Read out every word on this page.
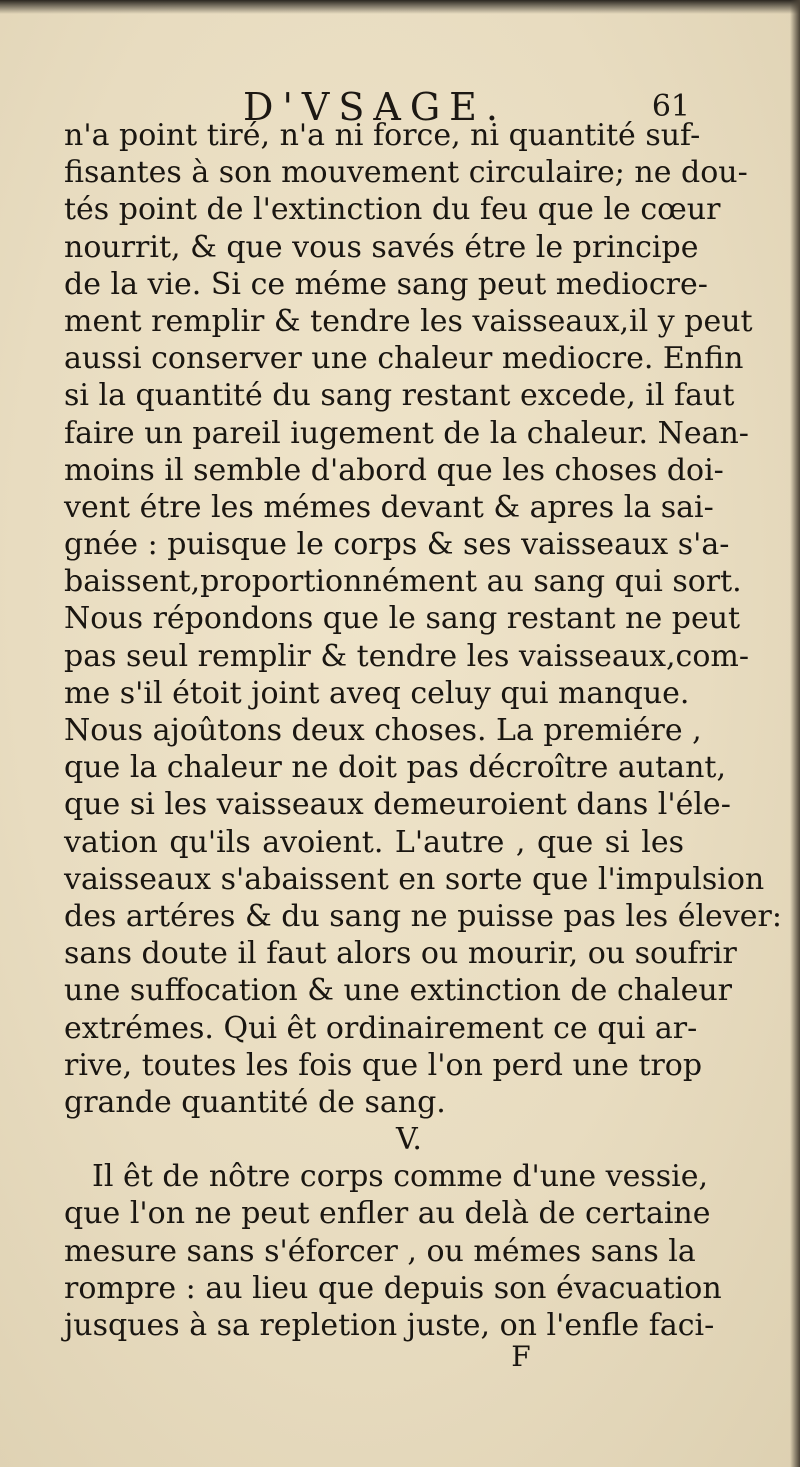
D'VSAGE.	61
n'a point tiré, n'a ni force, ni quantité suf-
fisantes à son mouvement circulaire; ne dou-
tés point de l'extinction du feu que le cœur
nourrit, & que vous savés étre le principe
de la vie. Si ce méme sang peut mediocre-
ment remplir & tendre les vaisseaux,il y peut
aussi conserver une chaleur mediocre. Enfin
si la quantité du sang restant excede, il faut
faire un pareil iugement de la chaleur. Nean-
moins il semble d'abord que les choses doi-
vent étre les mémes devant & apres la sai-
gnée : puisque le corps & ses vaisseaux s'a-
baissent,proportionnément au sang qui sort.
Nous répondons que le sang restant ne peut
pas seul remplir & tendre les vaisseaux,com-
me s'il étoit joint aveq celuy qui manque.
Nous ajoûtons deux choses. La premiére ,
que la chaleur ne doit pas décroître autant,
que si les vaisseaux demeuroient dans l'éle-
vation qu'ils avoient. L'autre , que si les
vaisseaux s'abaissent en sorte que l'impulsion
des artéres & du sang ne puisse pas les élever:
sans doute il faut alors ou mourir, ou soufrir
une suffocation & une extinction de chaleur
extrémes. Qui êt ordinairement ce qui ar-
rive, toutes les fois que l'on perd une trop
grande quantité de sang.
V.
Il êt de nôtre corps comme d'une vessie,
que l'on ne peut enfler au delà de certaine
mesure sans s'éforcer , ou mémes sans la
rompre : au lieu que depuis son évacuation
jusques à sa repletion juste, on l'enfle faci-
F
